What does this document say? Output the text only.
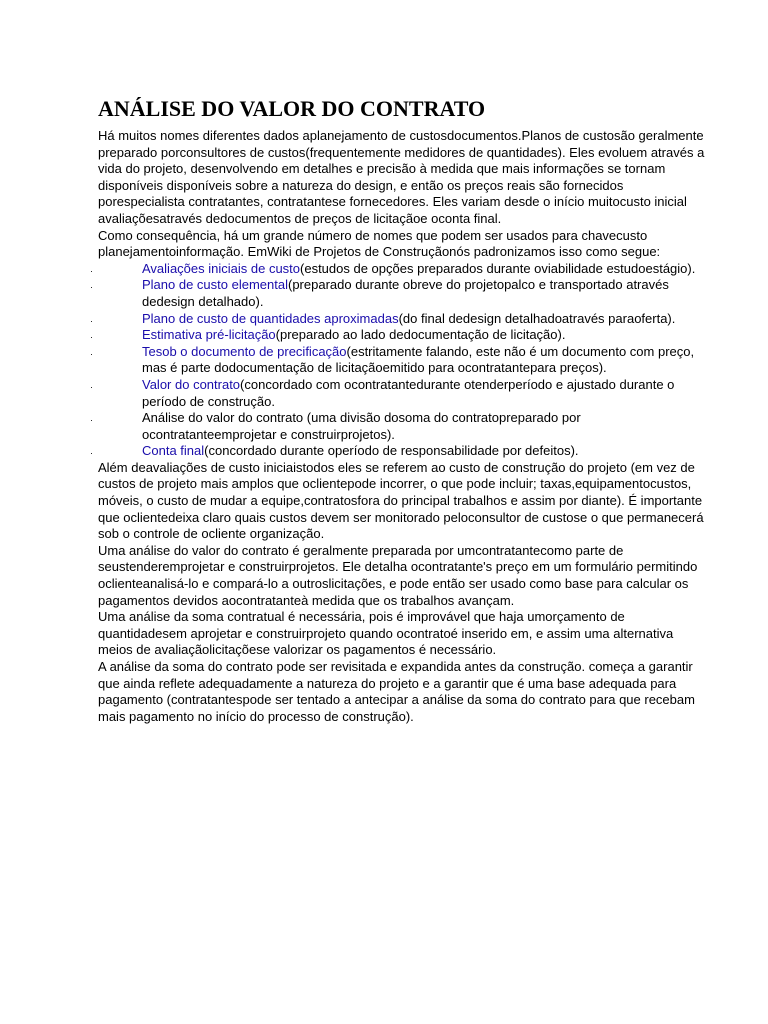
ANÁLISE DO VALOR DO CONTRATO

Há muitos nomes diferentes dados aplanejamento de custosdocumentos.Planos de custosão geralmente preparado porconsultores de custos(frequentemente medidores de quantidades). Eles evoluem através a vida do projeto, desenvolvendo em detalhes e precisão à medida que mais informações se tornam disponíveis disponíveis sobre a natureza do design, e então os preços reais são fornecidos porespecialista contratantes, contratantese fornecedores. Eles variam desde o início muitocusto inicial avaliaçõesatravés dedocumentos de preços de licitaçãoe oconta final.

Como consequência, há um grande número de nomes que podem ser usados para chavecusto planejamentoinformação. EmWiki de Projetos de Construçãonós padronizamos isso como segue:

·	Avaliações iniciais de custo(estudos de opções preparados durante oviabilidade estudoestágio).
·	Plano de custo elemental(preparado durante obreve do projetopalco e transportado através dedesign detalhado).
·	Plano de custo de quantidades aproximadas(do final dedesign detalhadoatravés paraoferta).
·	Estimativa pré-licitação(preparado ao lado dedocumentação de licitação).
·	Tesob o documento de precificação(estritamente falando, este não é um documento com preço, mas é parte dodocumentação de licitaçãoemitido para ocontratantepara preços).
·	Valor do contrato(concordado com ocontratantedurante otenderperíodo e ajustado durante o período de construção.
·	Análise do valor do contrato (uma divisão dosoma do contratopreparado por ocontratanteemprojetar e construirprojetos).
·	Conta final(concordado durante operíodo de responsabilidade por defeitos).

Além deavaliações de custo iniciaistodos eles se referem ao custo de construção do projeto (em vez de custos de projeto mais amplos que oclientepode incorrer, o que pode incluir; taxas,equipamentocustos, móveis, o custo de mudar a equipe,contratosfora do principal trabalhos e assim por diante). É importante que oclientedeixa claro quais custos devem ser monitorado peloconsultor de custose o que permanecerá sob o controle de ocliente organização.

Uma análise do valor do contrato é geralmente preparada por umcontratantecomo parte de seustenderemprojetar e construirprojetos. Ele detalha ocontratante's preço em um formulário permitindo oclienteanalisá-lo e compará-lo a outroslicitações, e pode então ser usado como base para calcular os pagamentos devidos aocontratanteà medida que os trabalhos avançam.

Uma análise da soma contratual é necessária, pois é improvável que haja umorçamento de quantidadesem aprojetar e construirprojeto quando ocontratoé inserido em, e assim uma alternativa meios de avaliaçãolicitaçõese valorizar os pagamentos é necessário.

A análise da soma do contrato pode ser revisitada e expandida antes da construção. começa a garantir que ainda reflete adequadamente a natureza do projeto e a garantir que é uma base adequada para pagamento (contratantespode ser tentado a antecipar a análise da soma do contrato para que recebam mais pagamento no início do processo de construção).
